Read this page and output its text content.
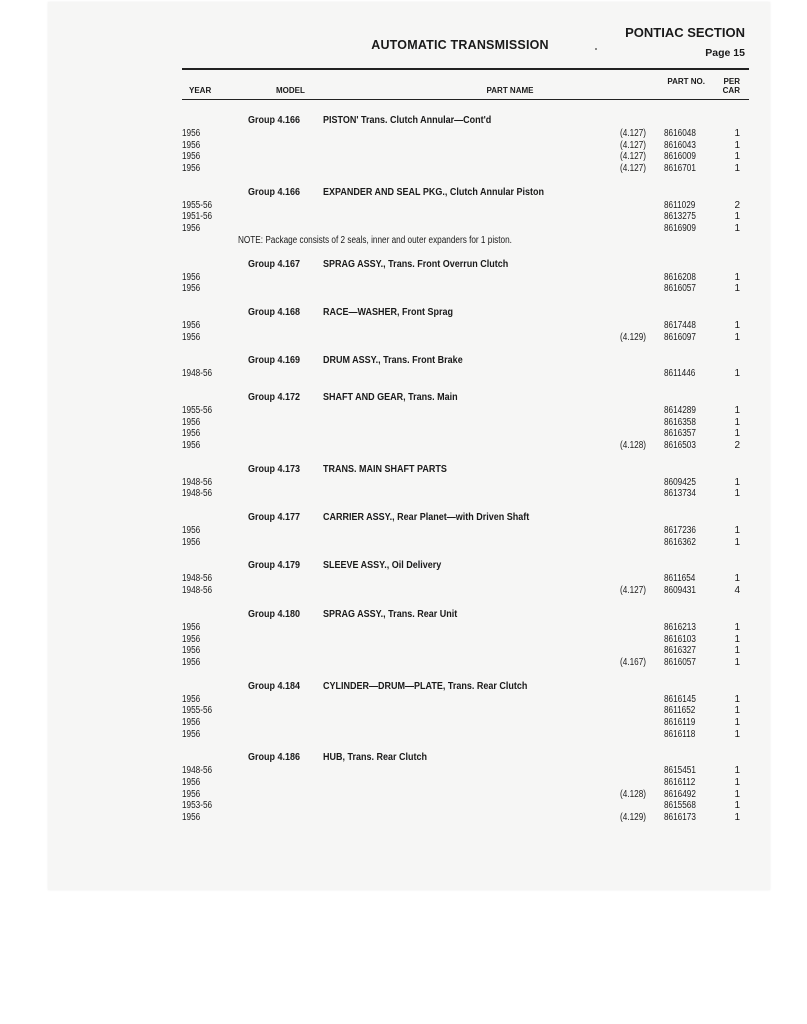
AUTOMATIC TRANSMISSION
PONTIAC SECTION
Page 15
YEAR	MODEL	PART NAME
PART NO.	PER CAR
Group 4.166 PISTON' Trans. Clutch Annular—Cont'd
1956	(4.127) 8616048	1
1956	(4.127) 8616043	1
1956	(4.127) 8616009	1
1956	(4.127) 8616701	1
Group 4.166 EXPANDER AND SEAL PKG., Clutch Annular Piston
1955-56	8611029	2
1951-56	8613275	1
1956	8616909	1
NOTE: Package consists of 2 seals, inner and outer expanders for 1 piston.
Group 4.167 SPRAG ASSY., Trans. Front Overrun Clutch
1956	8616208	1
1956	8616057	1
Group 4.168 RACE—WASHER, Front Sprag
1956	8617448	1
1956	(4.129) 8616097	1
Group 4.169 DRUM ASSY., Trans. Front Brake
1948-56	8611446	1
Group 4.172 SHAFT AND GEAR, Trans. Main
1955-56	8614289	1
1956	8616358	1
1956	8616357	1
1956	(4.128) 8616503	2
Group 4.173 TRANS. MAIN SHAFT PARTS
1948-56	8609425	1
1948-56	8613734	1
Group 4.177 CARRIER ASSY., Rear Planet—with Driven Shaft
1956	8617236	1
1956	8616362	1
Group 4.179 SLEEVE ASSY., Oil Delivery
1948-56	8611654	1
1948-56	(4.127) 8609431	4
Group 4.180 SPRAG ASSY., Trans. Rear Unit
1956	8616213	1
1956	8616103	1
1956	8616327	1
1956	(4.167) 8616057	1
Group 4.184 CYLINDER—DRUM—PLATE, Trans. Rear Clutch
1956	8616145	1
1955-56	8611652	1
1956	8616119	1
1956	8616118	1
Group 4.186 HUB, Trans. Rear Clutch
1948-56	8615451	1
1956	8616112	1
1956	(4.128) 8616492	1
1953-56	8615568	1
1956	(4.129) 8616173	1
